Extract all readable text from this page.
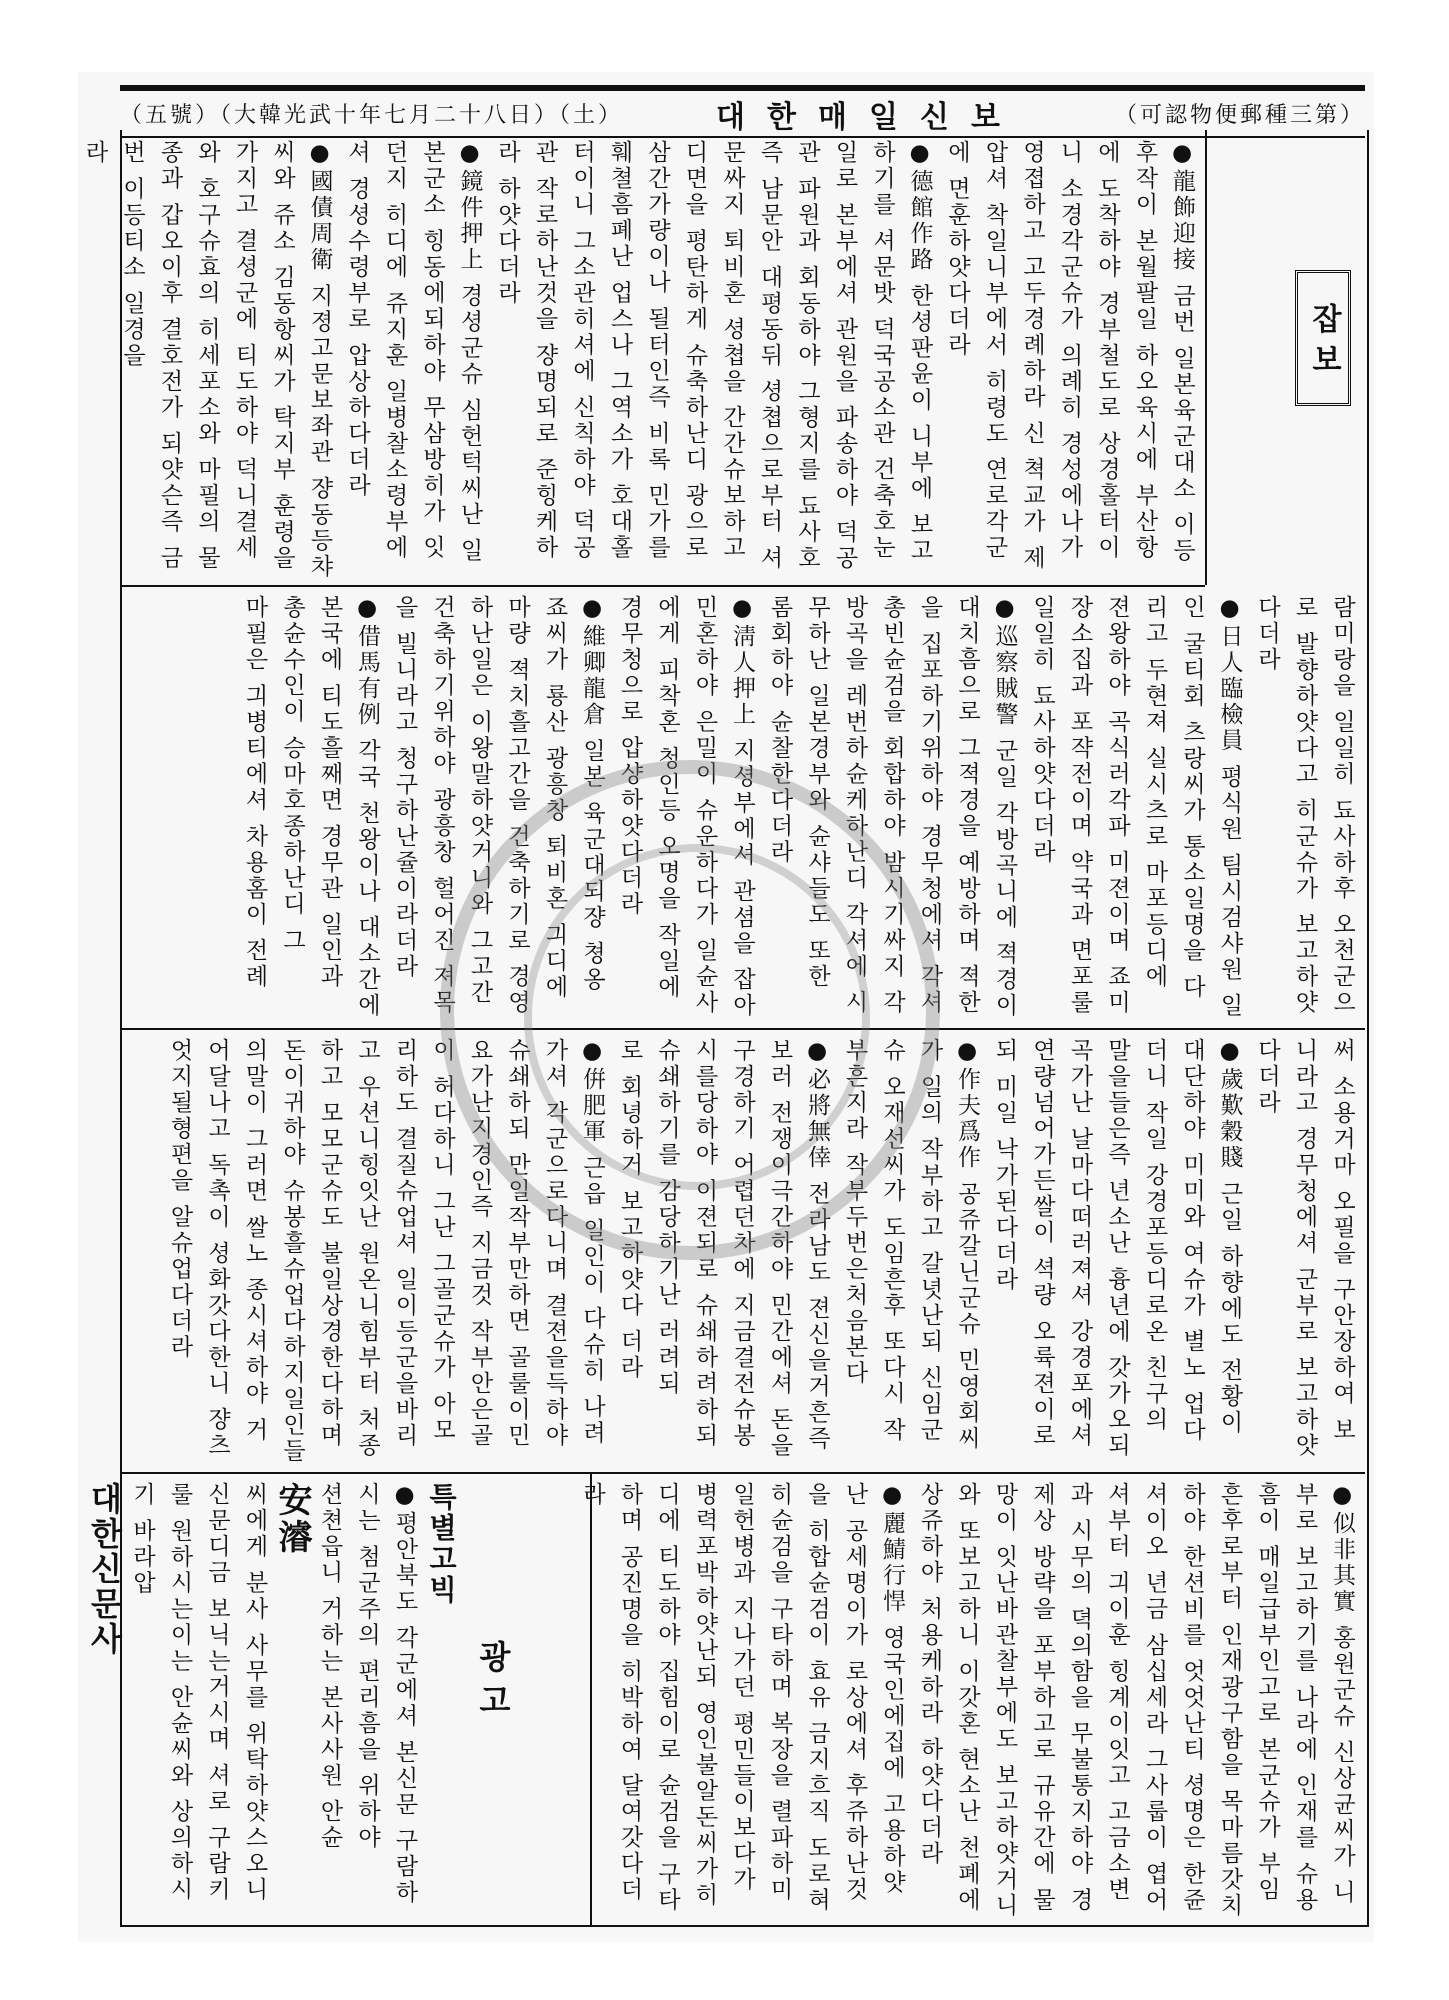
（五號）（大韓光武十年七月二十八日）（土）	대한매일신보	（可認物便郵種三第）
잡 보

●龍飾迎接 금번 일본육군대소 이등후작이 본월팔일 하오육시에 부산항에 도착하야 경부철도로 상경홀터이니 소경각군슈가 의례히 경성에나가 영졉하고 고두경례하라 신 쳑교가 제압셔 착일니부에서 히령도 연로각군에 면훈하얏다더라

●德館作路 한셩판윤이 니부에 보고하기를 셔문밧 덕국공소관 건축호눈일로 본부에셔 관원을 파송하야 덕공관 파원과 회동하야 그형지를 됴사호즉 남문안 대평동뒤 셩쳡으로부터 셔문싸지 퇴비혼 셩쳡을 간간슈보하고 디면을 평탄하게 슈축하난디 광으로 삼간가량이나 될터인즉 비록 민가를 훼쳘흠폐난 업스나 그역소가 호대홀터이니 그소관히셔에 신칙하야 덕공관 작로하난것을 쟝명되로 준힝케하라 하얏다더라

●鏡件押上 경셩군슈 심헌턱씨난 일본군소 힝동에되하야 무삼방히가 잇던지 히디에 쥬지훈 일병찰소령부에셔 경셩수령부로 압상하다더라

●國債周衛 지졍고문보좌관 쟝동등챠씨와 쥬소 김동항씨가 탁지부 훈령을 가지고 결셩군에 티도하야 덕니결세와 호구슈효의 히세포소와 마필의 물종과 갑오이후 결호전가 되얏슨즉 금번 이등티소 일경을

라

람미랑을 일일히 됴사하후 오천군으로 발향하얏다고 히군슈가 보고하얏다더라

●日人臨檢員 평식원 팀시검샤원 일인 굴티회 츠랑씨가 통소일명을 다리고 두현져 실시츠로 마포등디에 젼왕하야 곡식러각파 미젼이며 죠미장소집과 포쟉전이며 약국과 면포룰 일일히 됴사하얏다더라

●巡察賊警 군일 각방곡니에 젹경이 대치흠으로 그젹경을 예방하며 젹한을 집포하기위하야 경무청에셔 각셔 총빈슌검을 회합하야 밤시기싸지 각방곡을 레번하슌케하난디 각셔에 시무하난 일본경부와 슌샤들도 또한 롬회하야 슌찰한다더라

●淸人押上 지셩부에셔 관셤을 잡아 민혼하야 은밀이 슈운하다가 일슌사에게 피착혼 청인등 오명을 작일에 경무청으로 압샹하얏다더라

●維卿龍倉 일본 육군대되쟝 쳥옹 죠씨가 룡산 광흥창 퇴비혼 긔디에 마량 젹치흘고간을 건축하기로 경영하난일은 이왕말하얏거니와 그고간 건축하기위하야 광흥창 헐어진 져목을 빌니라고 청구하난쥴이라더라

●借馬有例 각국 천왕이나 대소간에 본국에 티도흘째면 경무관 일인과 총슌수인이 승마호종하난디 그

마필은 긔병티에셔 차용홈이 전례

써 소용거마 오필을 구안장하여 보니라고 경무청에셔 군부로 보고하얏다더라

●歲歎穀賤 근일 하향에도 전황이 대단하야 미미와 여슈가 별노 업다더니 작일 강경포등디로온 친구의 말을들은즉 년소난 흉년에 갓가오되 곡가난 날마다떠러져셔 강경포에셔 연량넘어가든쌀이 셕량 오륙젼이로되 미일 낙가된다더라

●作夫爲作 공쥬갈닌군슈 민영회씨가 일의 작부하고 갈녓난되 신임군슈 오재선씨가 도임흔후 또다시 작부흔지라 작부두번은처음본다

●必將無倖 전라남도 젼신을거흔즉 보러 전쟁이극간하야 민간에셔 돈을구경하기 어렵던차에 지금결전슈봉시를당하야 이젼되로 슈쇄하려하되 슈쇄하기를 감당하기난 러려되

로 회녕하거 보고하얏다 더라

●倂肥軍 근읍 일인이 다슈히 나려가셔 각군으로다니며 결젼을득하야 슈쇄하되 만일작부만하면 골룰이민요가난지경인즉 지금것 작부안은골이 허다하니 그난 그골군슈가 아모리하도 결질슈업셔 일이등군을바리고 우션니힝잇난 원온니힘부터 처종하고 모모군슈도 불일상경한다하며 돈이귀하야 슈봉흘슈업다하지일인들의말이 그러면 쌀노 종시셔하야 거어달나고 독촉이 셩화갓다한니 쟝츠 엇지될형편을 알슈업다더라

●似非其實 홍원군슈 신상균씨가 니부로 보고하기를 나라에 인재를 슈용흠이 매일급부인고로 본군슈가 부임흔후로부터 인재광구함을 목마름갓치하야 한션비를 엇엇난티 셩명은 한쥰셔이오 년금 삼십세라 그사룹이 엽어셔부터 긔이훈 힝계이잇고 고금소변과 시무의 뎍의함을 무불통지하야 경제상 방략을 포부하고로 규유간에 물망이 잇난바관찰부에도 보고하얏거니와 또보고하니 이갓혼 현소난 천폐에상쥬하야 처용케하라 하얏다더라

●麗鯖行悍 영국인에집에 고용하얏난 공세명이가 로상에셔 후쥬하난것을 히합슌검이 효유 금지흐직 도로혀 히슌검을 구타하며 복장을 렬파하미 일헌병과 지나가던 평민들이보다가 병력포박하얏난되 영인불알돈씨가히디에 티도하야 집힘이로 슌검을 구타하며 공진명을 히박하여 달여갓다더라

광 고

특별고빅

●평안북도 각군에셔 본신문 구람하시는 첨군주의 편리흠을 위하야

션쳔읍니 거하는 본사사원 안슌

安濬

씨에게 분사 사무를 위탁하얏스오니 신문디금 보닉는거시며 셔로 구람키룰 원하시는이는 안슌씨와 상의하시기 바라압

대한신문사
